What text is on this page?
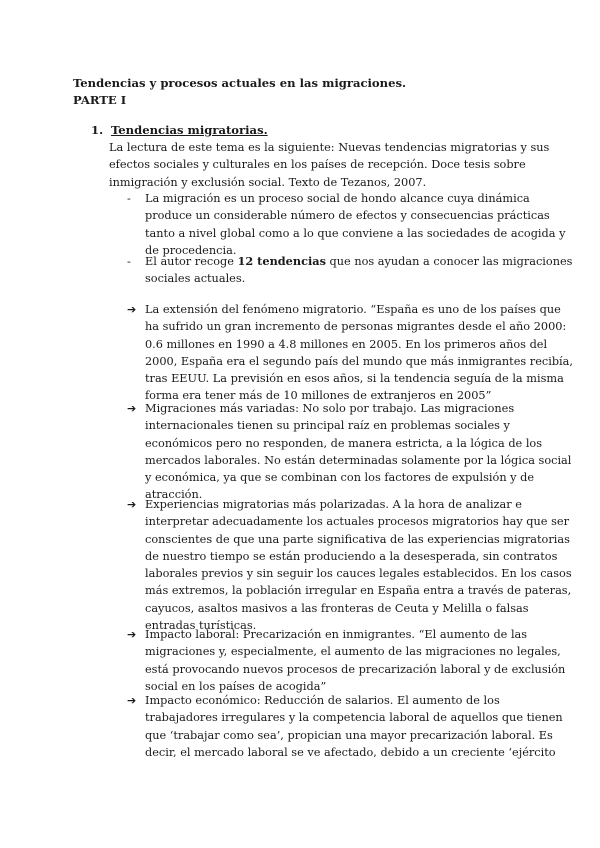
Tendencias y procesos actuales en las migraciones.
PARTE I
1. Tendencias migratorias.
La lectura de este tema es la siguiente: Nuevas tendencias migratorias y sus
efectos sociales y culturales en los países de recepción. Doce tesis sobre
inmigración y exclusión social. Texto de Tezanos, 2007.
- La migración es un proceso social de hondo alcance cuya dinámica
produce un considerable número de efectos y consecuencias prácticas
tanto a nivel global como a lo que conviene a las sociedades de acogida y
de procedencia.
- El autor recoge 12 tendencias que nos ayudan a conocer las migraciones
sociales actuales.
➔ La extensión del fenómeno migratorio. “España es uno de los países que
ha sufrido un gran incremento de personas migrantes desde el año 2000:
0.6 millones en 1990 a 4.8 millones en 2005. En los primeros años del
2000, España era el segundo país del mundo que más inmigrantes recibía,
tras EEUU. La previsión en esos años, si la tendencia seguía de la misma
forma era tener más de 10 millones de extranjeros en 2005”
➔ Migraciones más variadas: No solo por trabajo. Las migraciones
internacionales tienen su principal raíz en problemas sociales y
económicos pero no responden, de manera estricta, a la lógica de los
mercados laborales. No están determinadas solamente por la lógica social
y económica, ya que se combinan con los factores de expulsión y de
atracción.
➔ Experiencias migratorias más polarizadas. A la hora de analizar e
interpretar adecuadamente los actuales procesos migratorios hay que ser
conscientes de que una parte significativa de las experiencias migratorias
de nuestro tiempo se están produciendo a la desesperada, sin contratos
laborales previos y sin seguir los cauces legales establecidos. En los casos
más extremos, la población irregular en España entra a través de pateras,
cayucos, asaltos masivos a las fronteras de Ceuta y Melilla o falsas
entradas turísticas.
➔ Impacto laboral: Precarización en inmigrantes. “El aumento de las
migraciones y, especialmente, el aumento de las migraciones no legales,
está provocando nuevos procesos de precarización laboral y de exclusión
social en los países de acogida”
➔ Impacto económico: Reducción de salarios. El aumento de los
trabajadores irregulares y la competencia laboral de aquellos que tienen
que ‘trabajar como sea’, propician una mayor precarización laboral. Es
decir, el mercado laboral se ve afectado, debido a un creciente ‘ejército
